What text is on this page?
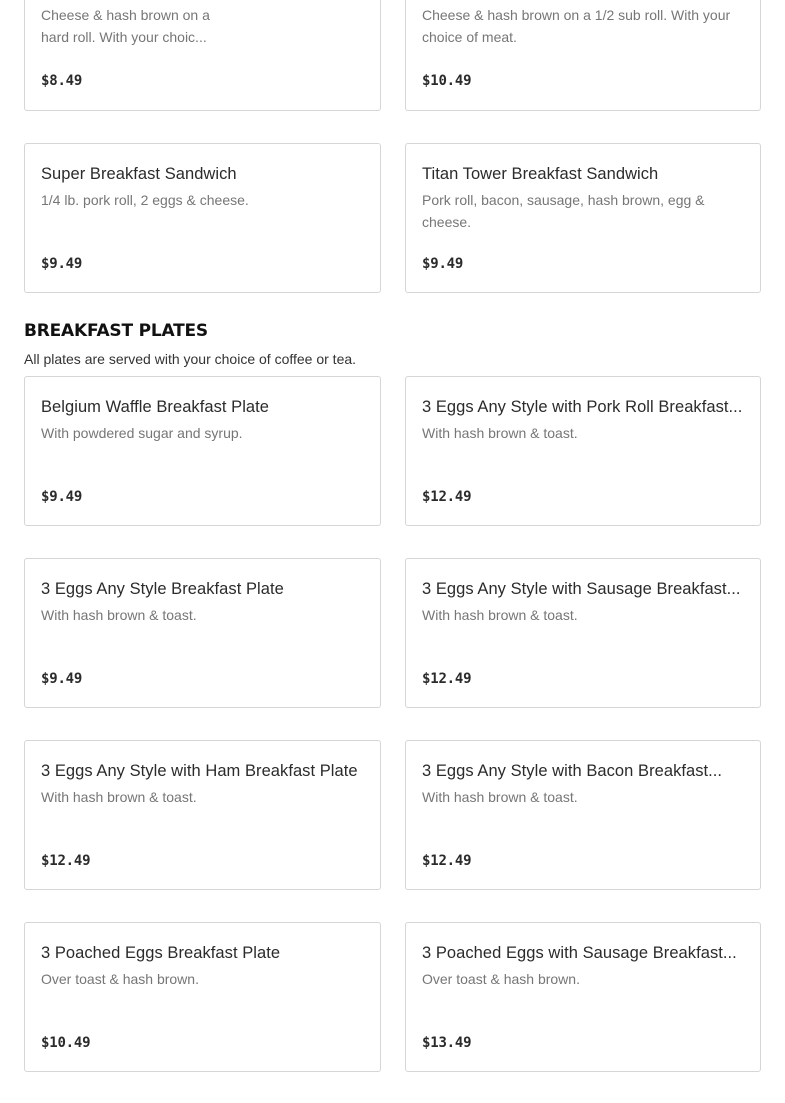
Cheese & hash brown on a hard roll. With your choic...
$8.49
Cheese & hash brown on a 1/2 sub roll. With your choice of meat.
$10.49
Super Breakfast Sandwich
1/4 lb. pork roll, 2 eggs & cheese.
$9.49
Titan Tower Breakfast Sandwich
Pork roll, bacon, sausage, hash brown, egg & cheese.
$9.49
BREAKFAST PLATES
All plates are served with your choice of coffee or tea.
Belgium Waffle Breakfast Plate
With powdered sugar and syrup.
$9.49
3 Eggs Any Style with Pork Roll Breakfast...
With hash brown & toast.
$12.49
3 Eggs Any Style Breakfast Plate
With hash brown & toast.
$9.49
3 Eggs Any Style with Sausage Breakfast...
With hash brown & toast.
$12.49
3 Eggs Any Style with Ham Breakfast Plate
With hash brown & toast.
$12.49
3 Eggs Any Style with Bacon Breakfast...
With hash brown & toast.
$12.49
3 Poached Eggs Breakfast Plate
Over toast & hash brown.
$10.49
3 Poached Eggs with Sausage Breakfast...
Over toast & hash brown.
$13.49
